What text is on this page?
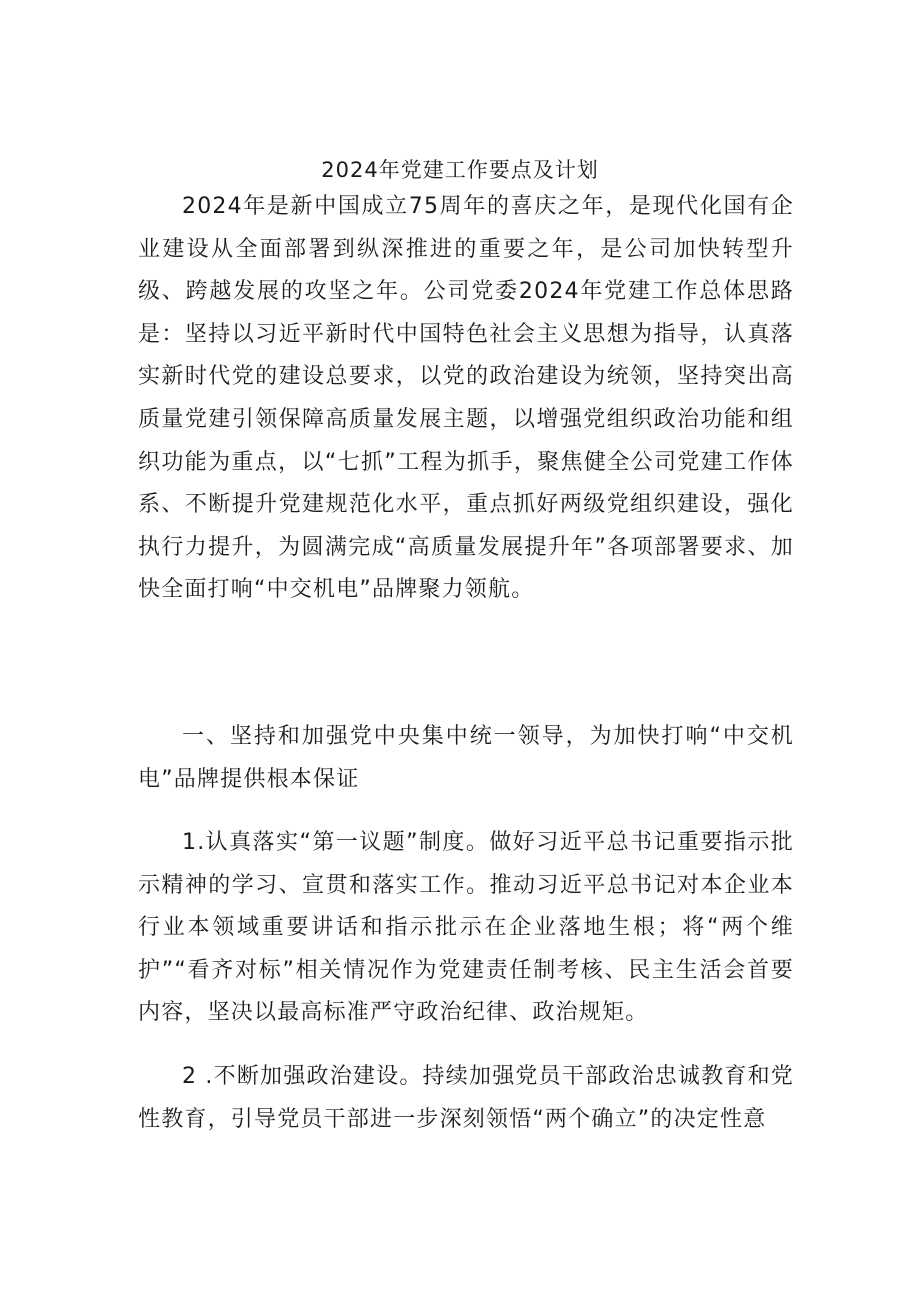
2024年党建工作要点及计划

2024年是新中国成立75周年的喜庆之年，是现代化国有企业建设从全面部署到纵深推进的重要之年，是公司加快转型升级、跨越发展的攻坚之年。公司党委2024年党建工作总体思路是：坚持以习近平新时代中国特色社会主义思想为指导，认真落实新时代党的建设总要求，以党的政治建设为统领，坚持突出高质量党建引领保障高质量发展主题，以增强党组织政治功能和组织功能为重点，以“七抓”工程为抓手，聚焦健全公司党建工作体系、不断提升党建规范化水平，重点抓好两级党组织建设，强化执行力提升，为圆满完成“高质量发展提升年”各项部署要求、加快全面打响“中交机电”品牌聚力领航。

一、坚持和加强党中央集中统一领导，为加快打响“中交机电”品牌提供根本保证

1.认真落实“第一议题”制度。做好习近平总书记重要指示批示精神的学习、宣贯和落实工作。推动习近平总书记对本企业本行业本领域重要讲话和指示批示在企业落地生根；将“两个维护”“看齐对标”相关情况作为党建责任制考核、民主生活会首要内容，坚决以最高标准严守政治纪律、政治规矩。

2 .不断加强政治建设。持续加强党员干部政治忠诚教育和党性教育，引导党员干部进一步深刻领悟“两个确立”的决定性意
